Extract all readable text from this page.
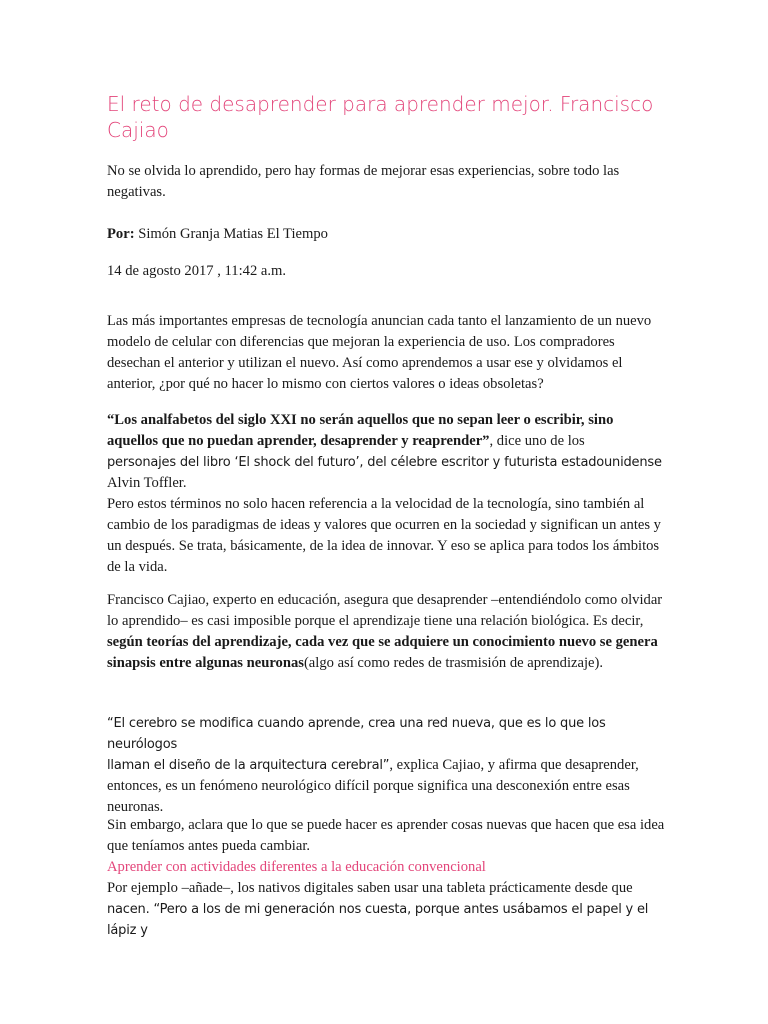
El reto de desaprender para aprender mejor. Francisco Cajiao

No se olvida lo aprendido, pero hay formas de mejorar esas experiencias, sobre todo las negativas.

Por: Simón Granja Matias El Tiempo

14 de agosto 2017 , 11:42 a.m.

Las más importantes empresas de tecnología anuncian cada tanto el lanzamiento de un nuevo modelo de celular con diferencias que mejoran la experiencia de uso. Los compradores desechan el anterior y utilizan el nuevo. Así como aprendemos a usar ese y olvidamos el anterior, ¿por qué no hacer lo mismo con ciertos valores o ideas obsoletas?

“Los analfabetos del siglo XXI no serán aquellos que no sepan leer o escribir, sino aquellos que no puedan aprender, desaprender y reaprender”, dice uno de los
personajes del libro ‘El shock del futuro’, del célebre escritor y futurista estadounidense
Alvin Toffler.
Pero estos términos no solo hacen referencia a la velocidad de la tecnología, sino también al cambio de los paradigmas de ideas y valores que ocurren en la sociedad y significan un antes y un después. Se trata, básicamente, de la idea de innovar. Y eso se aplica para todos los ámbitos de la vida.

Francisco Cajiao, experto en educación, asegura que desaprender –entendiéndolo como olvidar lo aprendido– es casi imposible porque el aprendizaje tiene una relación biológica. Es decir, según teorías del aprendizaje, cada vez que se adquiere un conocimiento nuevo se genera sinapsis entre algunas neuronas(algo así como redes de trasmisión de aprendizaje).

“El cerebro se modifica cuando aprende, crea una red nueva, que es lo que los neurólogos
llaman el diseño de la arquitectura cerebral”, explica Cajiao, y afirma que desaprender, entonces, es un fenómeno neurológico difícil porque significa una desconexión entre esas neuronas.
Sin embargo, aclara que lo que se puede hacer es aprender cosas nuevas que hacen que esa idea que teníamos antes pueda cambiar.
Aprender con actividades diferentes a la educación convencional
Por ejemplo –añade–, los nativos digitales saben usar una tableta prácticamente desde que
nacen. “Pero a los de mi generación nos cuesta, porque antes usábamos el papel y el lápiz y
